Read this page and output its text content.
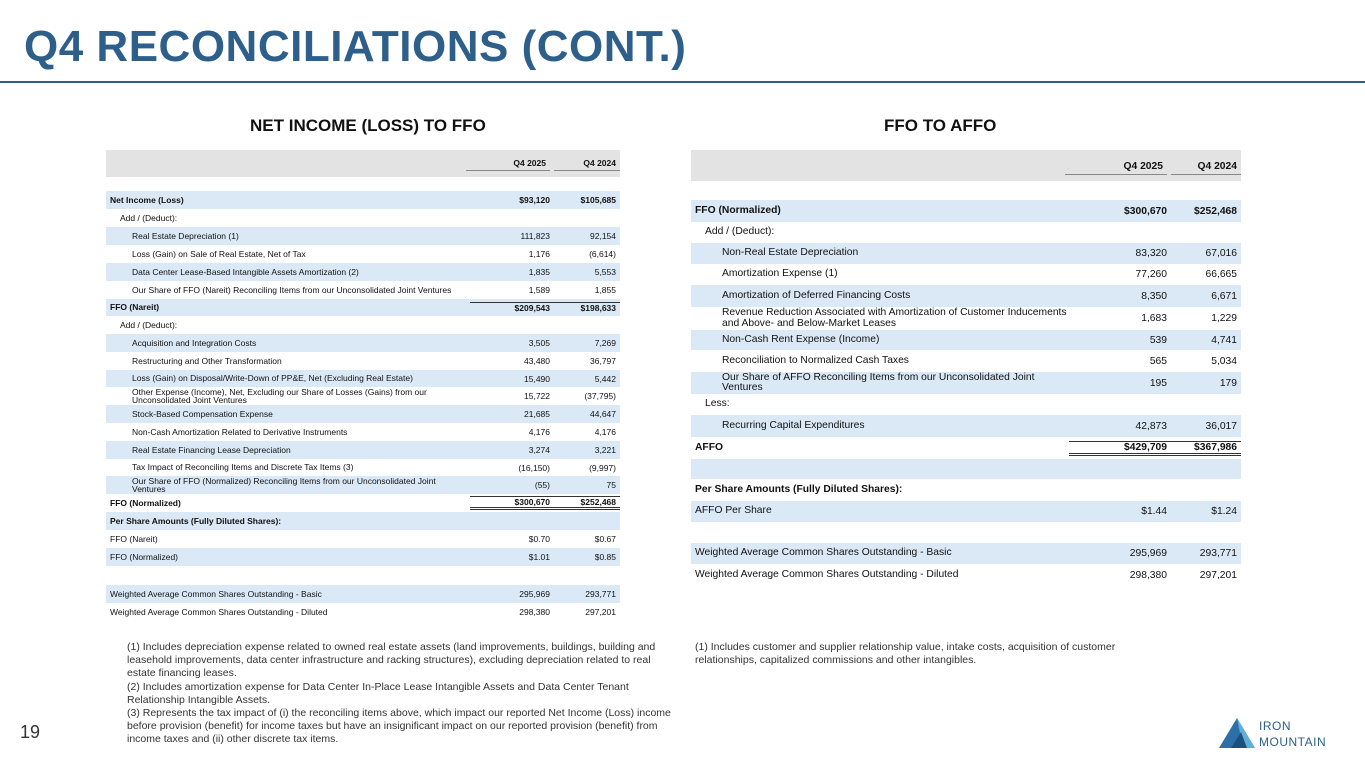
Q4 RECONCILIATIONS (CONT.)
NET INCOME (LOSS) TO FFO	FFO TO AFFO
Q4 2025	Q4 2024
Net Income (Loss)	$93,120	$105,685
Add / (Deduct):
Real Estate Depreciation (1)	111,823	92,154
Loss (Gain) on Sale of Real Estate, Net of Tax	1,176	(6,614)
Data Center Lease-Based Intangible Assets Amortization (2)	1,835	5,553
Our Share of FFO (Nareit) Reconciling Items from our Unconsolidated Joint Ventures	1,589	1,855
FFO (Nareit)	$209,543	$198,633
Add / (Deduct):
Acquisition and Integration Costs	3,505	7,269
Restructuring and Other Transformation	43,480	36,797
Loss (Gain) on Disposal/Write-Down of PP&E, Net (Excluding Real Estate)	15,490	5,442
Other Expense (Income), Net, Excluding our Share of Losses (Gains) from our Unconsolidated Joint Ventures	15,722	(37,795)
Stock-Based Compensation Expense	21,685	44,647
Non-Cash Amortization Related to Derivative Instruments	4,176	4,176
Real Estate Financing Lease Depreciation	3,274	3,221
Tax Impact of Reconciling Items and Discrete Tax Items (3)	(16,150)	(9,997)
Our Share of FFO (Normalized) Reconciling Items from our Unconsolidated Joint Ventures	(55)	75
FFO (Normalized)	$300,670	$252,468
Per Share Amounts (Fully Diluted Shares):
FFO (Nareit)	$0.70	$0.67
FFO (Normalized)	$1.01	$0.85
Weighted Average Common Shares Outstanding - Basic	295,969	293,771
Weighted Average Common Shares Outstanding - Diluted	298,380	297,201
Q4 2025	Q4 2024
FFO (Normalized)	$300,670	$252,468
Add / (Deduct):
Non-Real Estate Depreciation	83,320	67,016
Amortization Expense (1)	77,260	66,665
Amortization of Deferred Financing Costs	8,350	6,671
Revenue Reduction Associated with Amortization of Customer Inducements and Above- and Below-Market Leases	1,683	1,229
Non-Cash Rent Expense (Income)	539	4,741
Reconciliation to Normalized Cash Taxes	565	5,034
Our Share of AFFO Reconciling Items from our Unconsolidated Joint Ventures	195	179
Less:
Recurring Capital Expenditures	42,873	36,017
AFFO	$429,709	$367,986
Per Share Amounts (Fully Diluted Shares):
AFFO Per Share	$1.44	$1.24
Weighted Average Common Shares Outstanding - Basic	295,969	293,771
Weighted Average Common Shares Outstanding - Diluted	298,380	297,201
(1) Includes depreciation expense related to owned real estate assets (land improvements, buildings, building and leasehold improvements, data center infrastructure and racking structures), excluding depreciation related to real estate financing leases.
(2) Includes amortization expense for Data Center In-Place Lease Intangible Assets and Data Center Tenant Relationship Intangible Assets.
(3) Represents the tax impact of (i) the reconciling items above, which impact our reported Net Income (Loss) income before provision (benefit) for income taxes but have an insignificant impact on our reported provision (benefit) from income taxes and (ii) other discrete tax items.
(1) Includes customer and supplier relationship value, intake costs, acquisition of customer relationships, capitalized commissions and other intangibles.
19	IRON
MOUNTAIN
